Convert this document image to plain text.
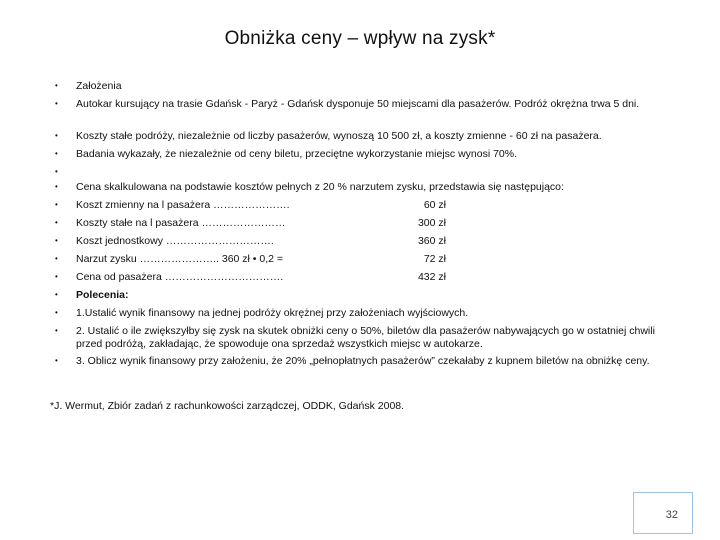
Obniżka ceny – wpływ na zysk*
• Założenia
• Autokar kursujący na trasie Gdańsk - Paryż - Gdańsk dysponuje 50 miejscami dla pasażerów. Podróż okrężna trwa 5 dni.
• Koszty stałe podróży, niezależnie od liczby pasażerów, wynoszą 10 500 zł, a koszty zmienne - 60 zł na pasażera.
• Badania wykazały, że niezależnie od ceny biletu, przeciętne wykorzystanie miejsc wynosi 70%.
•
• Cena skalkulowana na podstawie kosztów pełnych z 20 % narzutem zysku, przedstawia się następująco:
• Koszt zmienny na l pasażera ………………….	60 zł
• Koszty stałe na l pasażera ……………………	300 zł
• Koszt jednostkowy ………………………….	360 zł
• Narzut zysku ………………….. 360 zł • 0,2 =	72 zł
• Cena od pasażera …………………………….	432 zł
• Polecenia:
• 1.Ustalić wynik finansowy na jednej podróży okrężnej przy założeniach wyjściowych.
• 2. Ustalić o ile zwiększyłby się zysk na skutek obniżki ceny o 50%, biletów dla pasażerów nabywających go w ostatniej chwili przed podróżą, zakładając, że spowoduje ona sprzedaż wszystkich miejsc w autokarze.
• 3. Oblicz wynik finansowy przy założeniu, że 20% „pełnopłatnych pasażerów” czekałaby z kupnem biletów na obniżkę ceny.
*J. Wermut, Zbiór zadań z rachunkowości zarządczej, ODDK, Gdańsk 2008.
32
